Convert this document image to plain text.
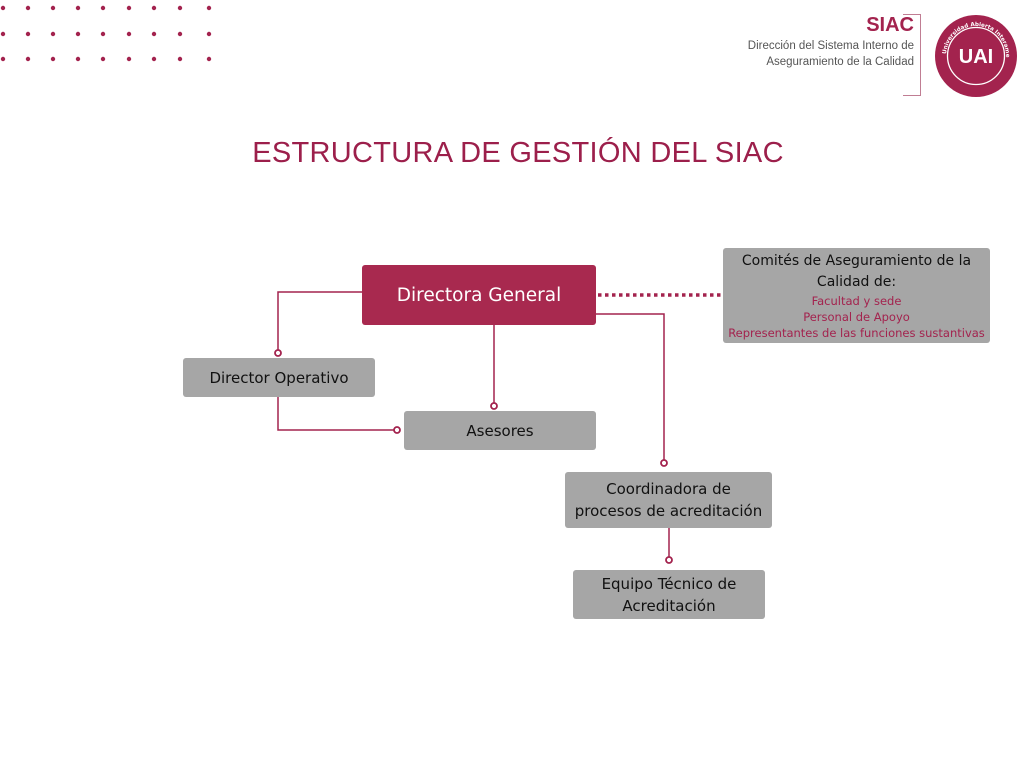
SIAC
Dirección del Sistema Interno de
Aseguramiento de la Calidad
Universidad Abierta Interame
UAI
ESTRUCTURA DE GESTIÓN DEL SIAC
Directora General
Director Operativo
Asesores
Coordinadora de
procesos de acreditación
Equipo Técnico de
Acreditación
Comités de Aseguramiento de la
Calidad de:
Facultad y sede
Personal de Apoyo
Representantes de las funciones sustantivas
